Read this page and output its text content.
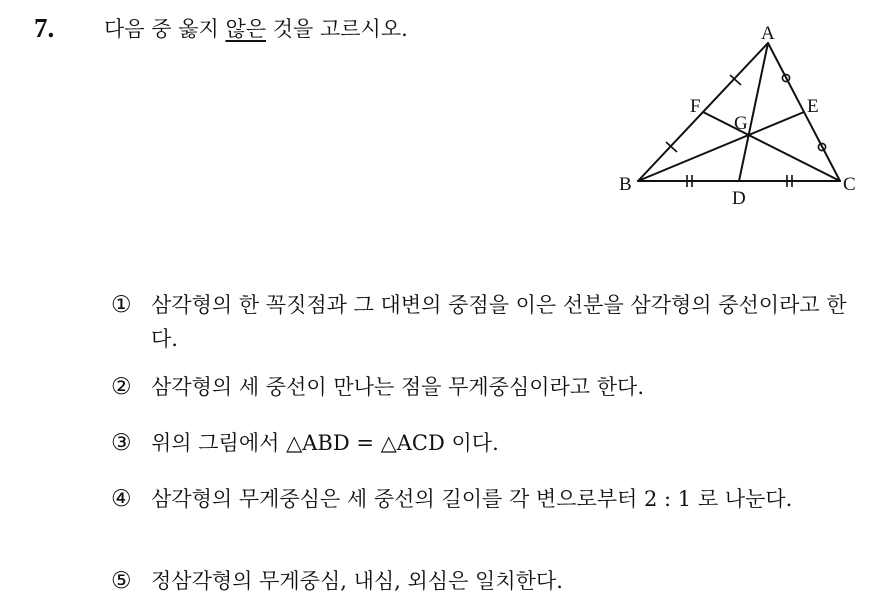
7. 다음 중 옳지 않은 것을 고르시오.	A
B	C
D
E
F
G
① 삼각형의 한 꼭짓점과 그 대변의 중점을 이은 선분을 삼각형의 중선이라고 한다.
② 삼각형의 세 중선이 만나는 점을 무게중심이라고 한다.
③ 위의 그림에서 △ABD = △ACD 이다.
④ 삼각형의 무게중심은 세 중선의 길이를 각 변으로부터 2 : 1 로 나눈다.
⑤ 정삼각형의 무게중심, 내심, 외심은 일치한다.
